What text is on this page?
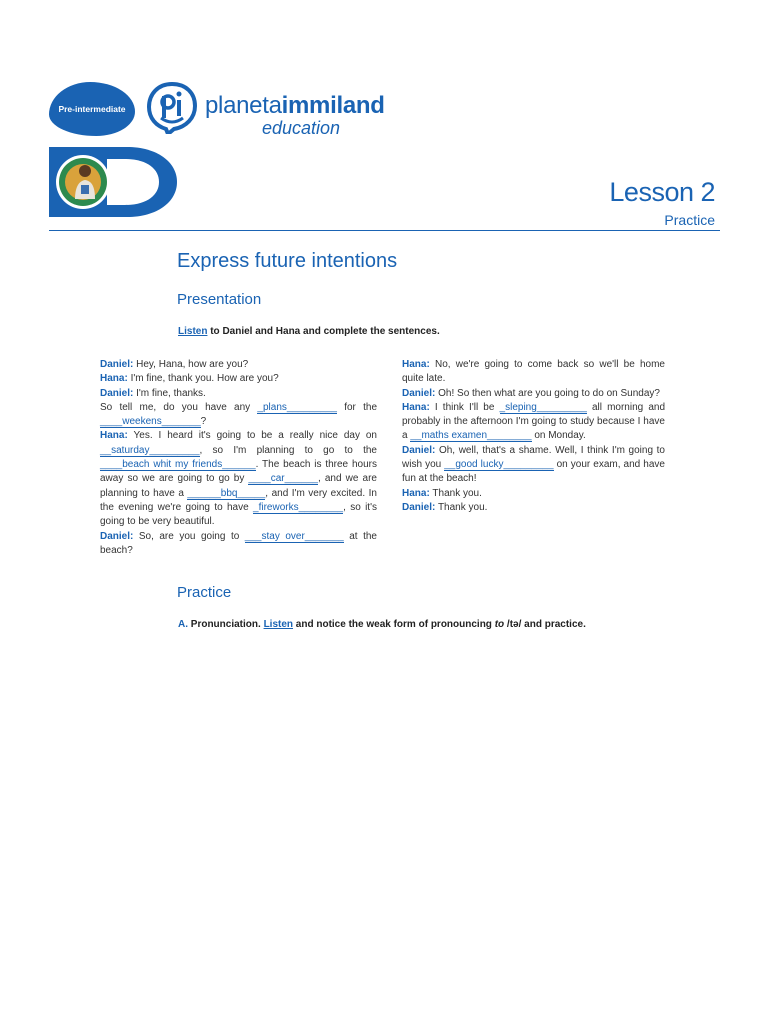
Pre-intermediate	planetaimmiland
education
Lesson 2
Practice
Express future intentions
Presentation
Listen to Daniel and Hana and complete the sentences.

Daniel: Hey, Hana, how are you?

Hana: I'm fine, thank you. How are you?

Daniel: I'm fine, thanks.

So tell me, do you have any _plans_________ for the ____weekens_______?

Hana: Yes. I heard it's going to be a really nice day on __saturday_________, so I'm planning to go to the ____beach whit my friends______. The beach is three hours away so we are going to go by ____car______, and we are planning to have a ______bbq_____, and I'm very excited. In the evening we're going to have _fireworks________, so it's going to be very beautiful.

Daniel: So, are you going to ___stay over_______ at the beach?

Hana: No, we're going to come back so we'll be home quite late.

Daniel: Oh! So then what are you going to do on Sunday?

Hana: I think I'll be _sleping_________ all morning and probably in the afternoon I'm going to study because I have a __maths examen________ on Monday.

Daniel: Oh, well, that's a shame. Well, I think I'm going to wish you __good lucky_________ on your exam, and have fun at the beach!

Hana: Thank you.

Daniel: Thank you.

Practice
A. Pronunciation. Listen and notice the weak form of pronouncing to /tə/ and practice.
